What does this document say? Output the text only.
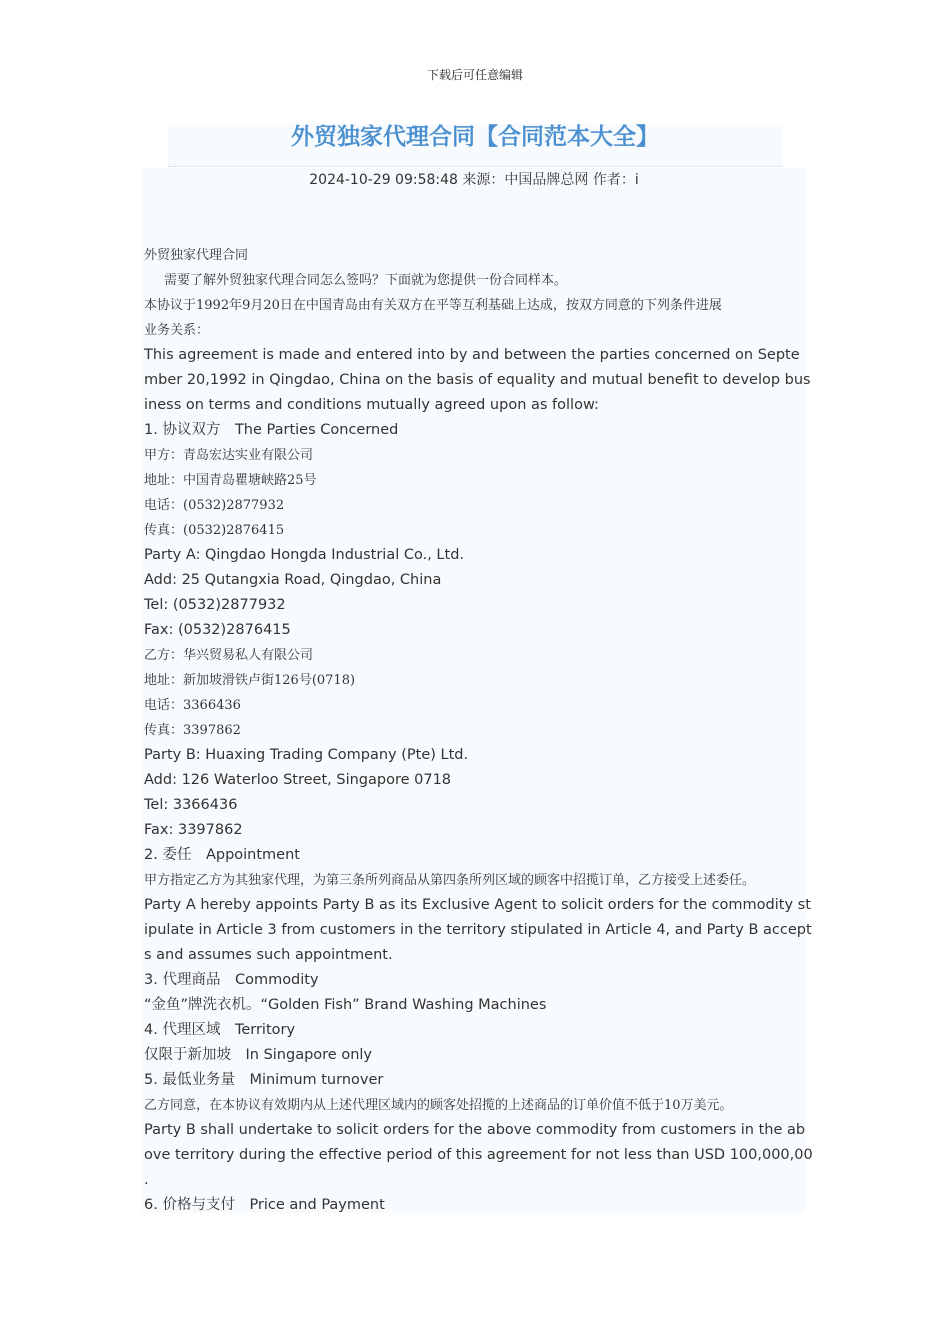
下载后可任意编辑
外贸独家代理合同【合同范本大全】
2024-10-29 09:58:48 来源：中国品牌总网 作者：i
外贸独家代理合同
需要了解外贸独家代理合同怎么签吗？下面就为您提供一份合同样本。
本协议于1992年9月20日在中国青岛由有关双方在平等互利基础上达成，按双方同意的下列条件进展
业务关系：
This agreement is made and entered into by and between the parties concerned on Septe
mber 20,1992 in Qingdao, China on the basis of equality and mutual benefit to develop bus
iness on terms and conditions mutually agreed upon as follow:
1. 协议双方　The Parties Concerned
甲方：青岛宏达实业有限公司
地址：中国青岛瞿塘峡路25号
电话：(0532)2877932
传真：(0532)2876415
Party A: Qingdao Hongda Industrial Co., Ltd.
Add: 25 Qutangxia Road, Qingdao, China
Tel: (0532)2877932
Fax: (0532)2876415
乙方：华兴贸易私人有限公司
地址：新加坡滑铁卢街126号(0718)
电话：3366436
传真：3397862
Party B: Huaxing Trading Company (Pte) Ltd.
Add: 126 Waterloo Street, Singapore 0718
Tel: 3366436
Fax: 3397862
2. 委任　Appointment
甲方指定乙方为其独家代理，为第三条所列商品从第四条所列区域的顾客中招揽订单，乙方接受上述委任。
Party A hereby appoints Party B as its Exclusive Agent to solicit orders for the commodity st
ipulate in Article 3 from customers in the territory stipulated in Article 4, and Party B accept
s and assumes such appointment.
3. 代理商品　Commodity
“金鱼”牌洗衣机。“Golden Fish” Brand Washing Machines
4. 代理区域　Territory
仅限于新加坡　In Singapore only
5. 最低业务量　Minimum turnover
乙方同意，在本协议有效期内从上述代理区域内的顾客处招揽的上述商品的订单价值不低于10万美元。
Party B shall undertake to solicit orders for the above commodity from customers in the ab
ove territory during the effective period of this agreement for not less than USD 100,000,00
.
6. 价格与支付　Price and Payment
